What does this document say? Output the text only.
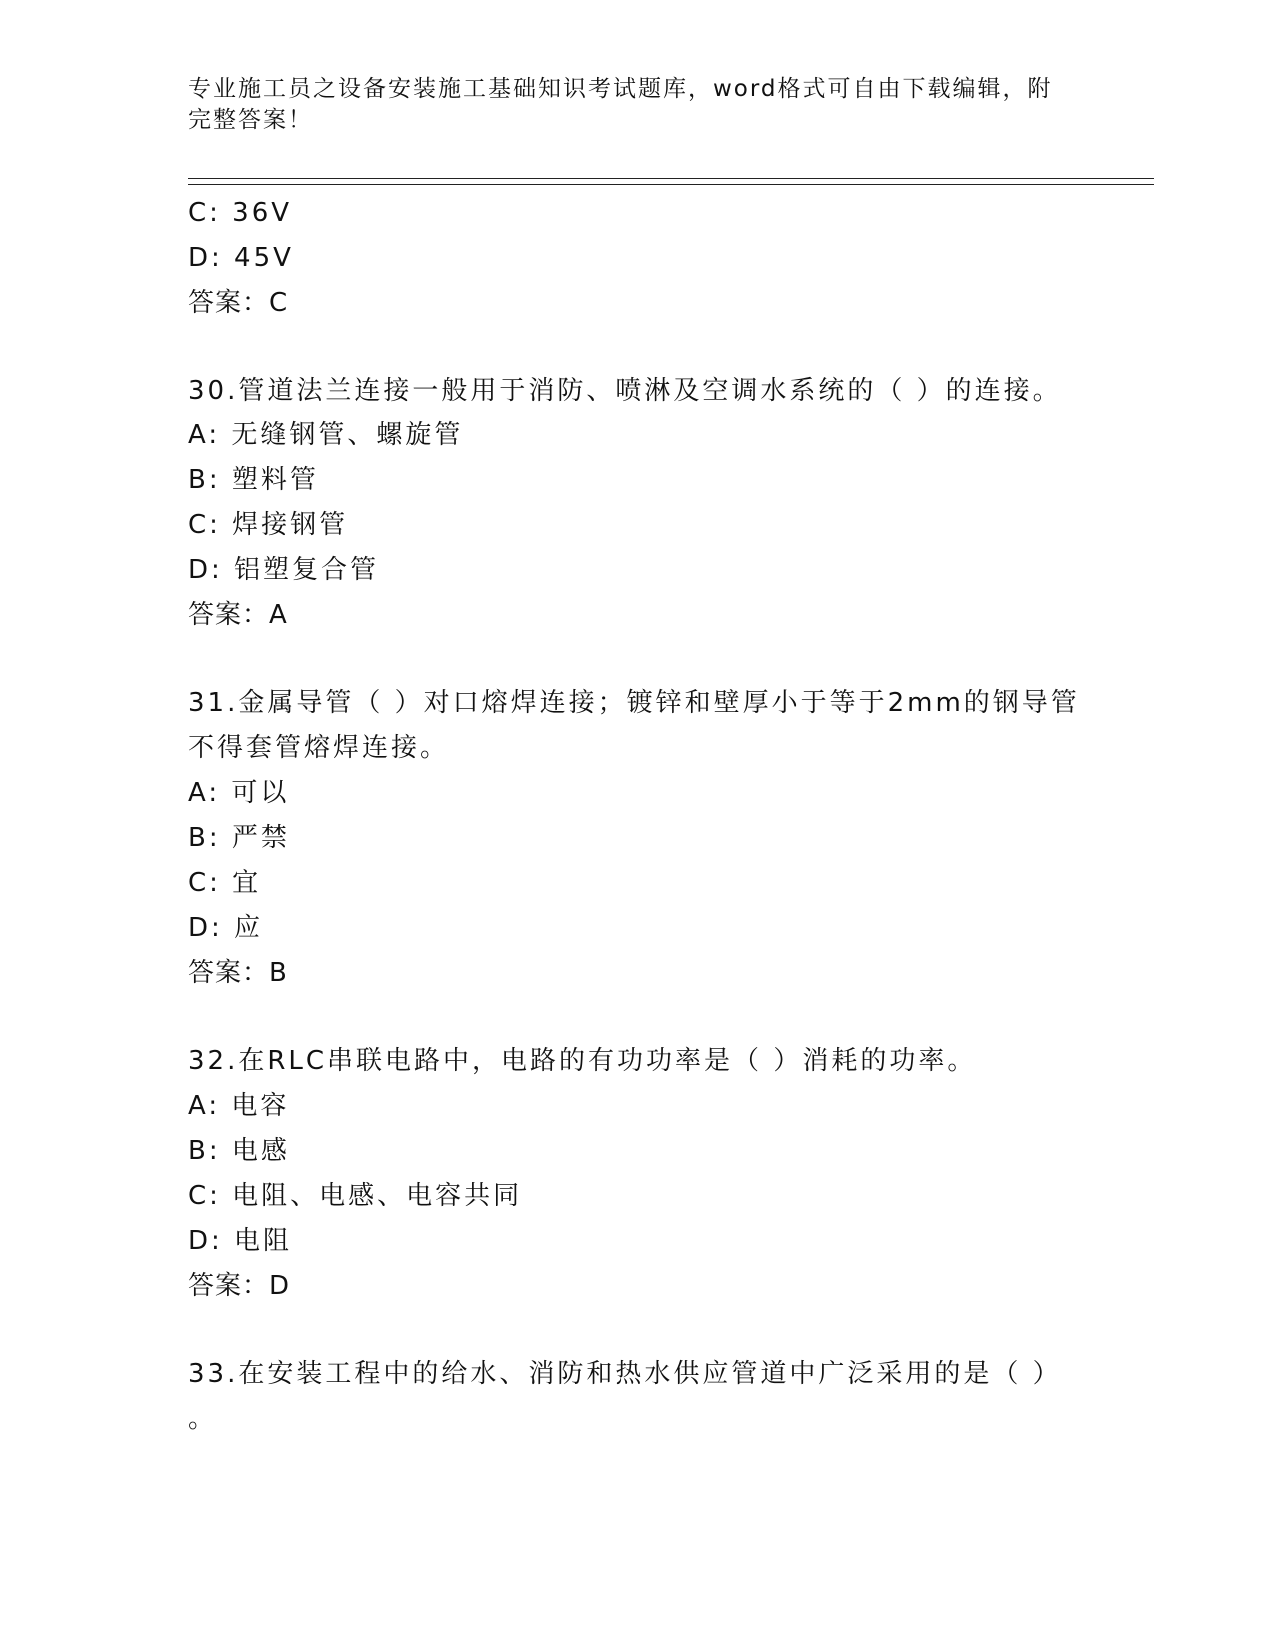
专业施工员之设备安装施工基础知识考试题库，word格式可自由下载编辑，附完整答案！
C: 36V
D: 45V
答案：C
30.管道法兰连接一般用于消防、喷淋及空调水系统的（ ）的连接。
A: 无缝钢管、螺旋管
B: 塑料管
C: 焊接钢管
D: 铝塑复合管
答案：A
31.金属导管（ ）对口熔焊连接；镀锌和壁厚小于等于2mm的钢导管
不得套管熔焊连接。
A: 可以
B: 严禁
C: 宜
D: 应
答案：B
32.在RLC串联电路中，电路的有功功率是（ ）消耗的功率。
A: 电容
B: 电感
C: 电阻、电感、电容共同
D: 电阻
答案：D
33.在安装工程中的给水、消防和热水供应管道中广泛采用的是（ ）
。
